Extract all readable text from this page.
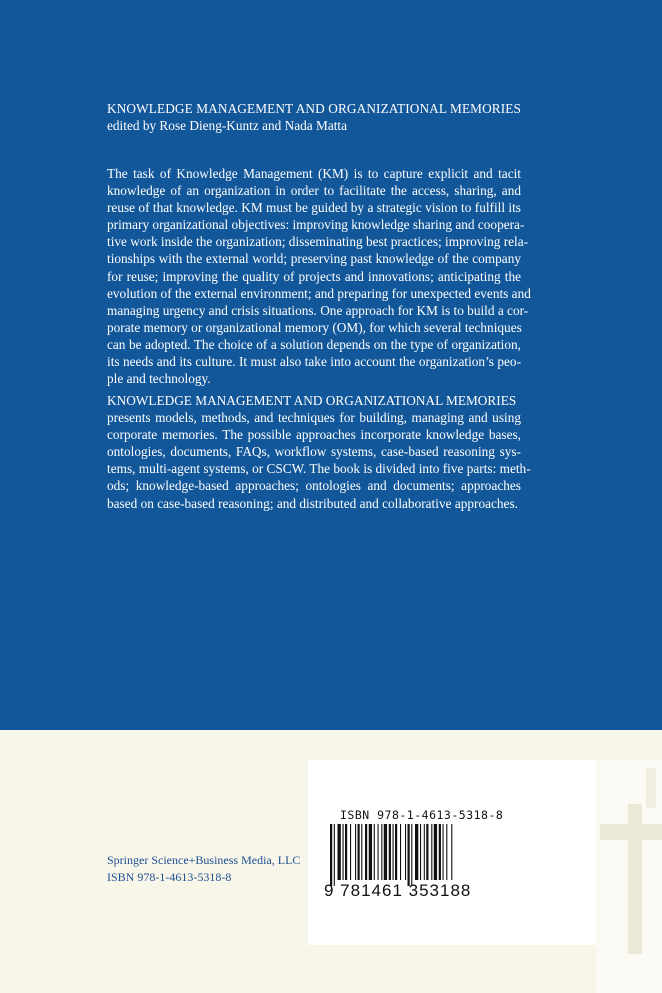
KNOWLEDGE MANAGEMENT AND ORGANIZATIONAL MEMORIES
edited by Rose Dieng-Kuntz and Nada Matta
The task of Knowledge Management (KM) is to capture explicit and tacit
knowledge of an organization in order to facilitate the access, sharing, and
reuse of that knowledge. KM must be guided by a strategic vision to fulfill its
primary organizational objectives: improving knowledge sharing and coopera-
tive work inside the organization; disseminating best practices; improving rela-
tionships with the external world; preserving past knowledge of the company
for reuse; improving the quality of projects and innovations; anticipating the
evolution of the external environment; and preparing for unexpected events and
managing urgency and crisis situations. One approach for KM is to build a cor-
porate memory or organizational memory (OM), for which several techniques
can be adopted. The choice of a solution depends on the type of organization,
its needs and its culture. It must also take into account the organization’s peo-
ple and technology.
KNOWLEDGE MANAGEMENT AND ORGANIZATIONAL MEMORIES
presents models, methods, and techniques for building, managing and using
corporate memories. The possible approaches incorporate knowledge bases,
ontologies, documents, FAQs, workflow systems, case-based reasoning sys-
tems, multi-agent systems, or CSCW. The book is divided into five parts: meth-
ods; knowledge-based approaches; ontologies and documents; approaches
based on case-based reasoning; and distributed and collaborative approaches.
Springer Science+Business Media, LLC
ISBN 978-1-4613-5318-8
ISBN 978-1-4613-5318-8
9 781461 353188
